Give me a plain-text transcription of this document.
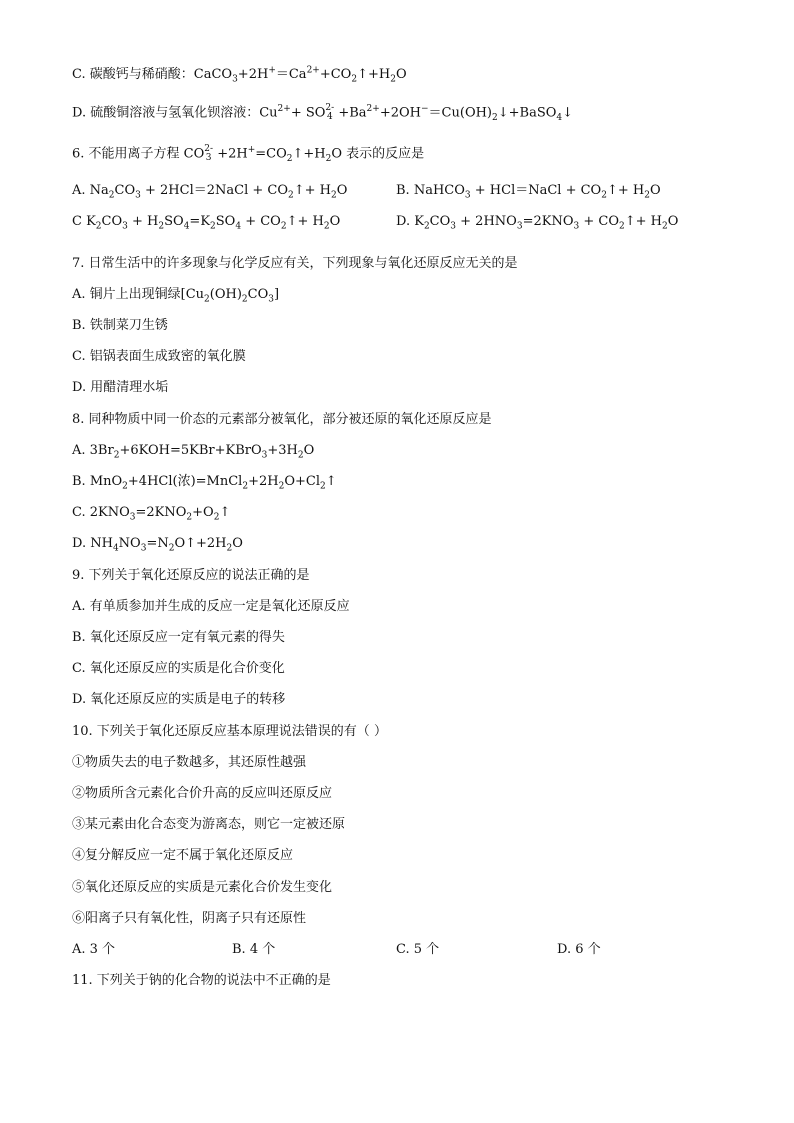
C. 碳酸钙与稀硝酸：$CaCO_3+2H^+=Ca^{2+}+CO_2↑+H_2O$
D. 硫酸铜溶液与氢氧化钡溶液：$Cu^{2+}+ SO2-$
$4 +Ba^{2+}+2OH^-=Cu(OH)_2↓+BaSO_4↓$
6. 不能用离子方程 CO2-
$3 +2H^+=CO_2↑+H_2O$ 表示的反应是
A. $Na_2CO_3$ + 2HCl＝2NaCl + $CO_2↑+ H_2O$	B. NaHCO$_3$ + HCl＝NaCl + $CO_2↑+ H_2O$
C $K_2CO_3 + H_2SO_4=K_2SO_4$ + $CO_2↑+ H_2O$	D. $K_2CO_3 + 2HNO_3=2KNO_3$ + $CO_2↑+ H_2O$
7. 日常生活中的许多现象与化学反应有关，下列现象与氧化还原反应无关的是
A. 铜片上出现铜绿$[Cu_2(OH)_2CO_3]$
B. 铁制菜刀生锈
C. 铝锅表面生成致密的氧化膜
D. 用醋清理水垢
8. 同种物质中同一价态的元素部分被氧化，部分被还原的氧化还原反应是
A. $3Br_2+6KOH=5KBr+KBrO_3+3H_2O$
B. MnO$_2$+4HCl(浓)$=MnCl_2+2H_2O+Cl_2↑$
C. $2KNO_3=2KNO_2+O_2↑$
D. $NH_4NO_3=N_2O↑+2H_2O$
9. 下列关于氧化还原反应的说法正确的是
A. 有单质参加并生成的反应一定是氧化还原反应
B. 氧化还原反应一定有氧元素的得失
C. 氧化还原反应的实质是化合价变化
D. 氧化还原反应的实质是电子的转移
10. 下列关于氧化还原反应基本原理说法错误的有（ ）
①物质失去的电子数越多，其还原性越强
②物质所含元素化合价升高的反应叫还原反应
③某元素由化合态变为游离态，则它一定被还原
④复分解反应一定不属于氧化还原反应
⑤氧化还原反应的实质是元素化合价发生变化
⑥阳离子只有氧化性，阴离子只有还原性
A. 3 个	B. 4 个	C. 5 个	D. 6 个
11. 下列关于钠的化合物的说法中不正确的是
